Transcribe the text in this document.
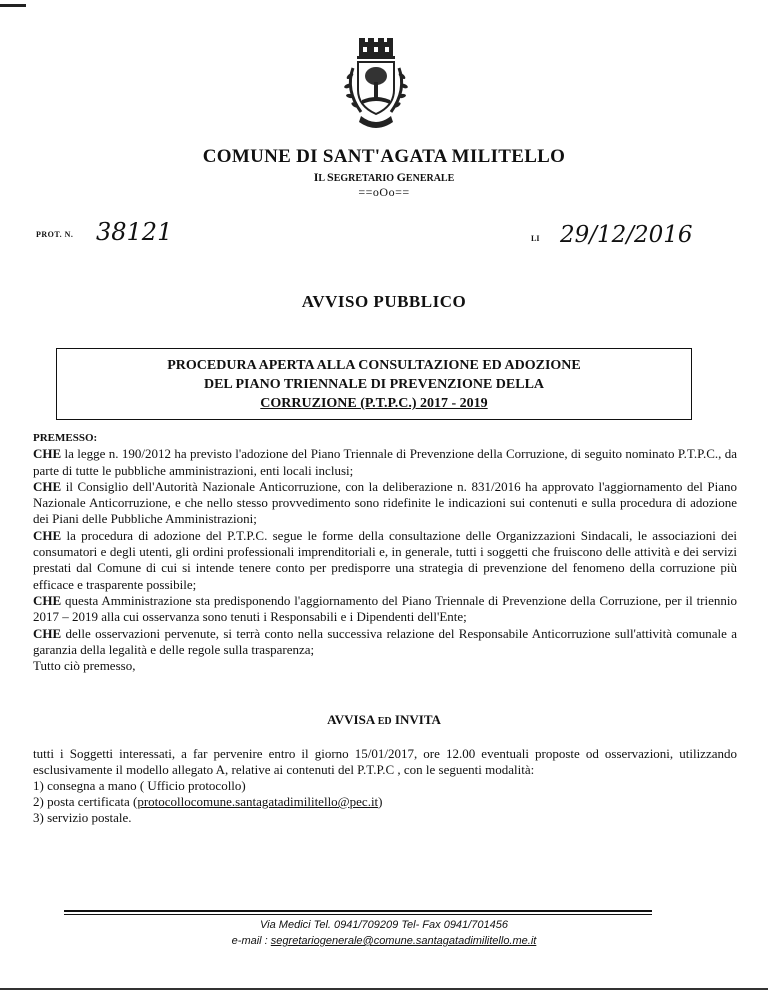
COMUNE DI SANT'AGATA MILITELLO
IL SEGRETARIO GENERALE
==oOo==
PROT. N. 38121	LI 29/12/2016
AVVISO PUBBLICO
PROCEDURA APERTA ALLA CONSULTAZIONE ED ADOZIONE
DEL PIANO TRIENNALE DI PREVENZIONE DELLA
CORRUZIONE (P.T.P.C.) 2017 - 2019

PREMESSO:

CHE la legge n. 190/2012 ha previsto l'adozione del Piano Triennale di Prevenzione della Corruzione, di seguito nominato P.T.P.C., da parte di tutte le pubbliche amministrazioni, enti locali inclusi;

CHE il Consiglio dell'Autorità Nazionale Anticorruzione, con la deliberazione n. 831/2016 ha approvato l'aggiornamento del Piano Nazionale Anticorruzione, e che nello stesso provvedimento sono ridefinite le indicazioni sui contenuti e sulla procedura di adozione dei Piani delle Pubbliche Amministrazioni;

CHE la procedura di adozione del P.T.P.C. segue le forme della consultazione delle Organizzazioni Sindacali, le associazioni dei consumatori e degli utenti, gli ordini professionali imprenditoriali e, in generale, tutti i soggetti che fruiscono delle attività e dei servizi prestati dal Comune di cui si intende tenere conto per predisporre una strategia di prevenzione del fenomeno della corruzione più efficace e trasparente possibile;

CHE questa Amministrazione sta predisponendo l'aggiornamento del Piano Triennale di Prevenzione della Corruzione, per il triennio 2017 – 2019 alla cui osservanza sono tenuti i Responsabili e i Dipendenti dell'Ente;

CHE delle osservazioni pervenute, si terrà conto nella successiva relazione del Responsabile Anticorruzione sull'attività comunale a garanzia della legalità e delle regole sulla trasparenza;

Tutto ciò premesso,

AVVISA ED INVITA

tutti i Soggetti interessati, a far pervenire entro il giorno 15/01/2017, ore 12.00 eventuali proposte od osservazioni, utilizzando esclusivamente il modello allegato A, relative ai contenuti del P.T.P.C , con le seguenti modalità:

1) consegna a mano ( Ufficio protocollo)

2) posta certificata (protocollocomune.santagatadimilitello@pec.it)

3) servizio postale.

Via Medici Tel. 0941/709209 Tel- Fax 0941/701456
e-mail : segretariogenerale@comune.santagatadimilitello.me.it
